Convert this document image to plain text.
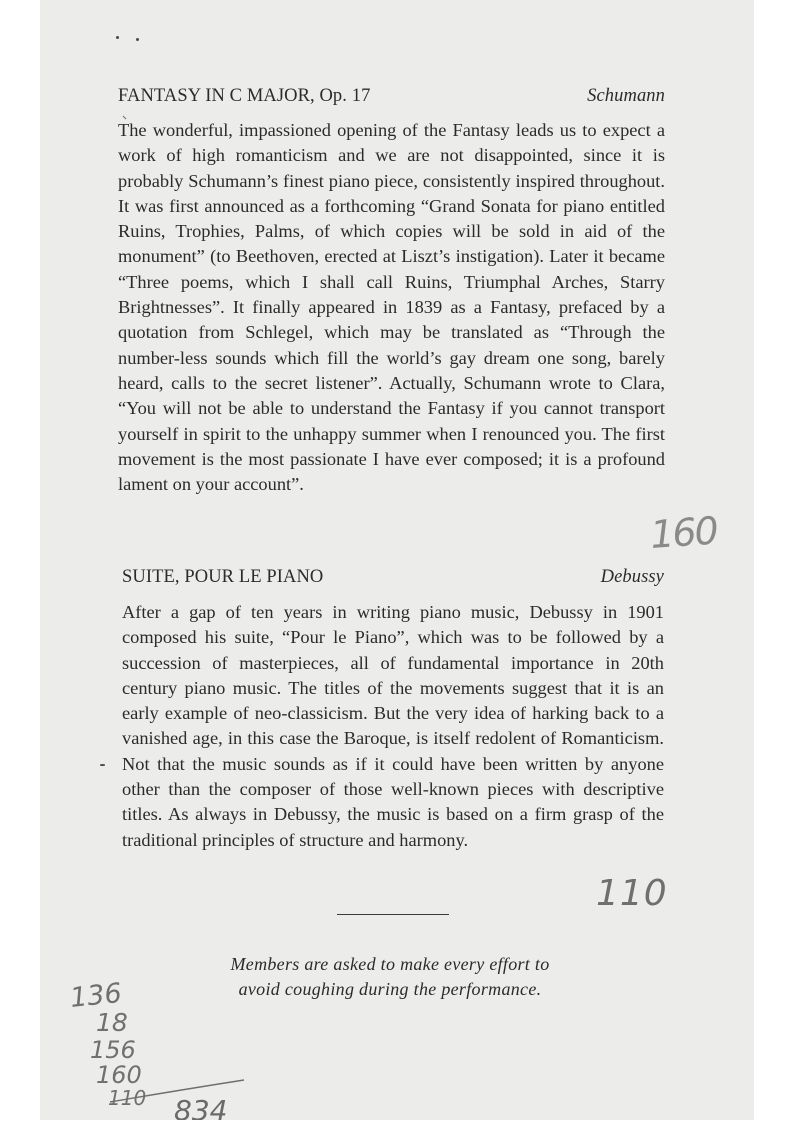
FANTASY IN C MAJOR, Op. 17	Schumann

The wonderful, impassioned opening of the Fantasy leads us to expect a work of high romanticism and we are not disappointed, since it is probably Schumann’s finest piano piece, consistently inspired throughout. It was first announced as a forthcoming “Grand Sonata for piano entitled Ruins, Trophies, Palms, of which copies will be sold in aid of the monument” (to Beethoven, erected at Liszt’s instigation). Later it became “Three poems, which I shall call Ruins, Triumphal Arches, Starry Brightnesses”. It finally appeared in 1839 as a Fantasy, prefaced by a quotation from Schlegel, which may be translated as “Through the number-less sounds which fill the world’s gay dream one song, barely heard, calls to the secret listener”. Actually, Schumann wrote to Clara, “You will not be able to understand the Fantasy if you cannot transport yourself in spirit to the unhappy summer when I renounced you. The first movement is the most passionate I have ever composed; it is a profound lament on your account”.

SUITE, POUR LE PIANO	Debussy

After a gap of ten years in writing piano music, Debussy in 1901 composed his suite, “Pour le Piano”, which was to be followed by a succession of masterpieces, all of fundamental importance in 20th century piano music. The titles of the movements suggest that it is an early example of neo-classicism. But the very idea of harking back to a vanished age, in this case the Baroque, is itself redolent of Romanticism. Not that the music sounds as if it could have been written by anyone other than the composer of those well-known pieces with descriptive titles. As always in Debussy, the music is based on a firm grasp of the traditional principles of structure and harmony.

Members are asked to make every effort to
avoid coughing during the performance.
160
110
136
18
156
160
110 834
